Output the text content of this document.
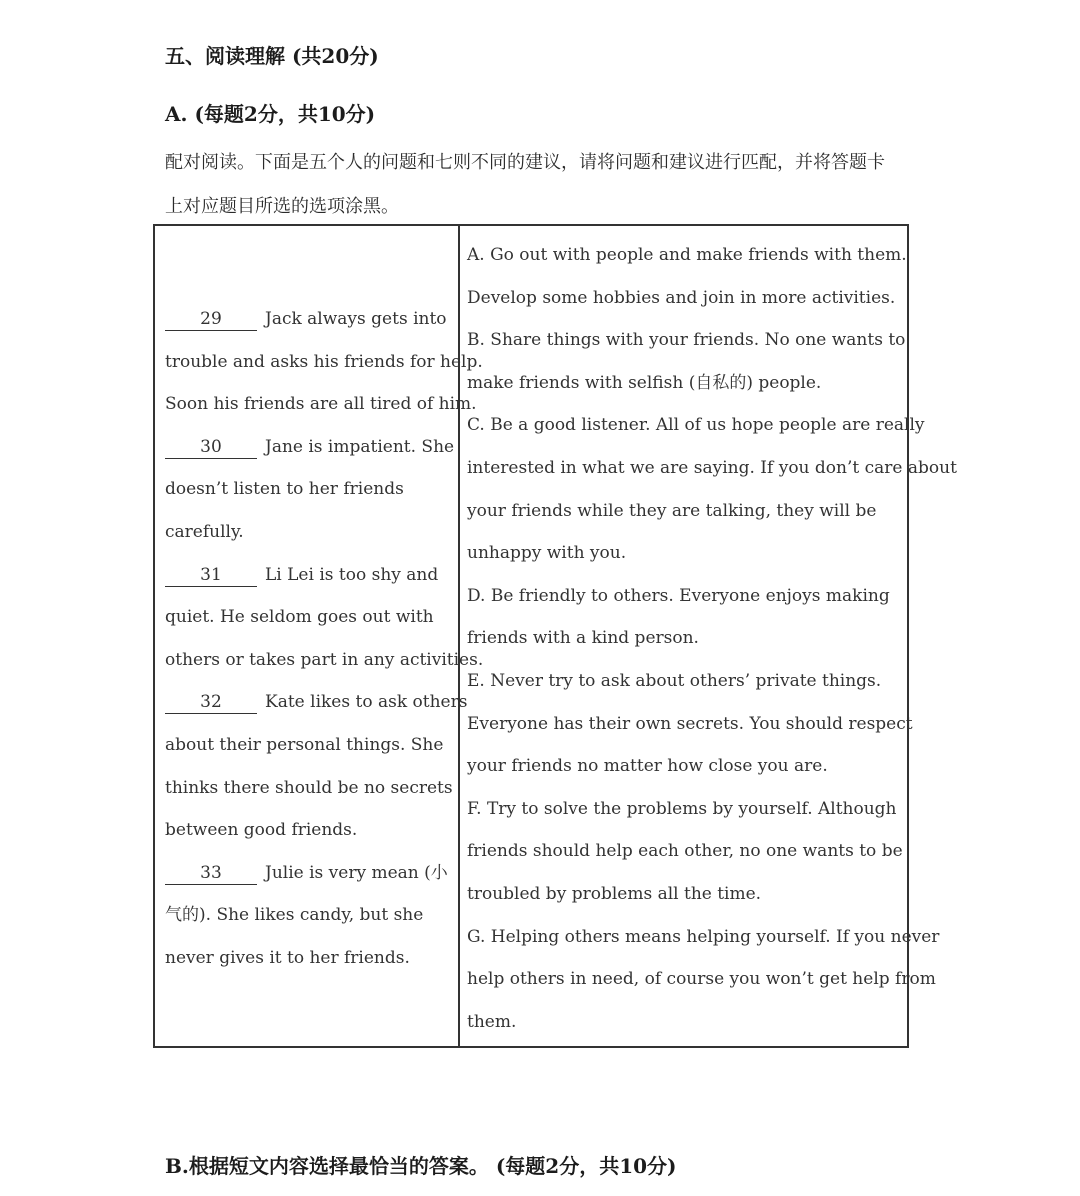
五、阅读理解 (共20分)
A. (每题2分，共10分)
配对阅读。下面是五个人的问题和七则不同的建议，请将问题和建议进行匹配，并将答题卡
上对应题目所选的选项涂黑。
29	Jack always gets into
trouble and asks his friends for help.
Soon his friends are all tired of him.
30	Jane is impatient. She
doesn’t listen to her friends
carefully.
31	Li Lei is too shy and
quiet. He seldom goes out with
others or takes part in any activities.
32	Kate likes to ask others
about their personal things. She
thinks there should be no secrets
between good friends.
33	Julie is very mean (小
气的). She likes candy, but she
never gives it to her friends.
A. Go out with people and make friends with them.
Develop some hobbies and join in more activities.
B. Share things with your friends. No one wants to
make friends with selfish (自私的) people.
C. Be a good listener. All of us hope people are really
interested in what we are saying. If you don’t care about
your friends while they are talking, they will be
unhappy with you.
D. Be friendly to others. Everyone enjoys making
friends with a kind person.
E. Never try to ask about others’ private things.
Everyone has their own secrets. You should respect
your friends no matter how close you are.
F. Try to solve the problems by yourself. Although
friends should help each other, no one wants to be
troubled by problems all the time.
G. Helping others means helping yourself. If you never
help others in need, of course you won’t get help from
them.
B.根据短文内容选择最恰当的答案。 (每题2分，共10分)
